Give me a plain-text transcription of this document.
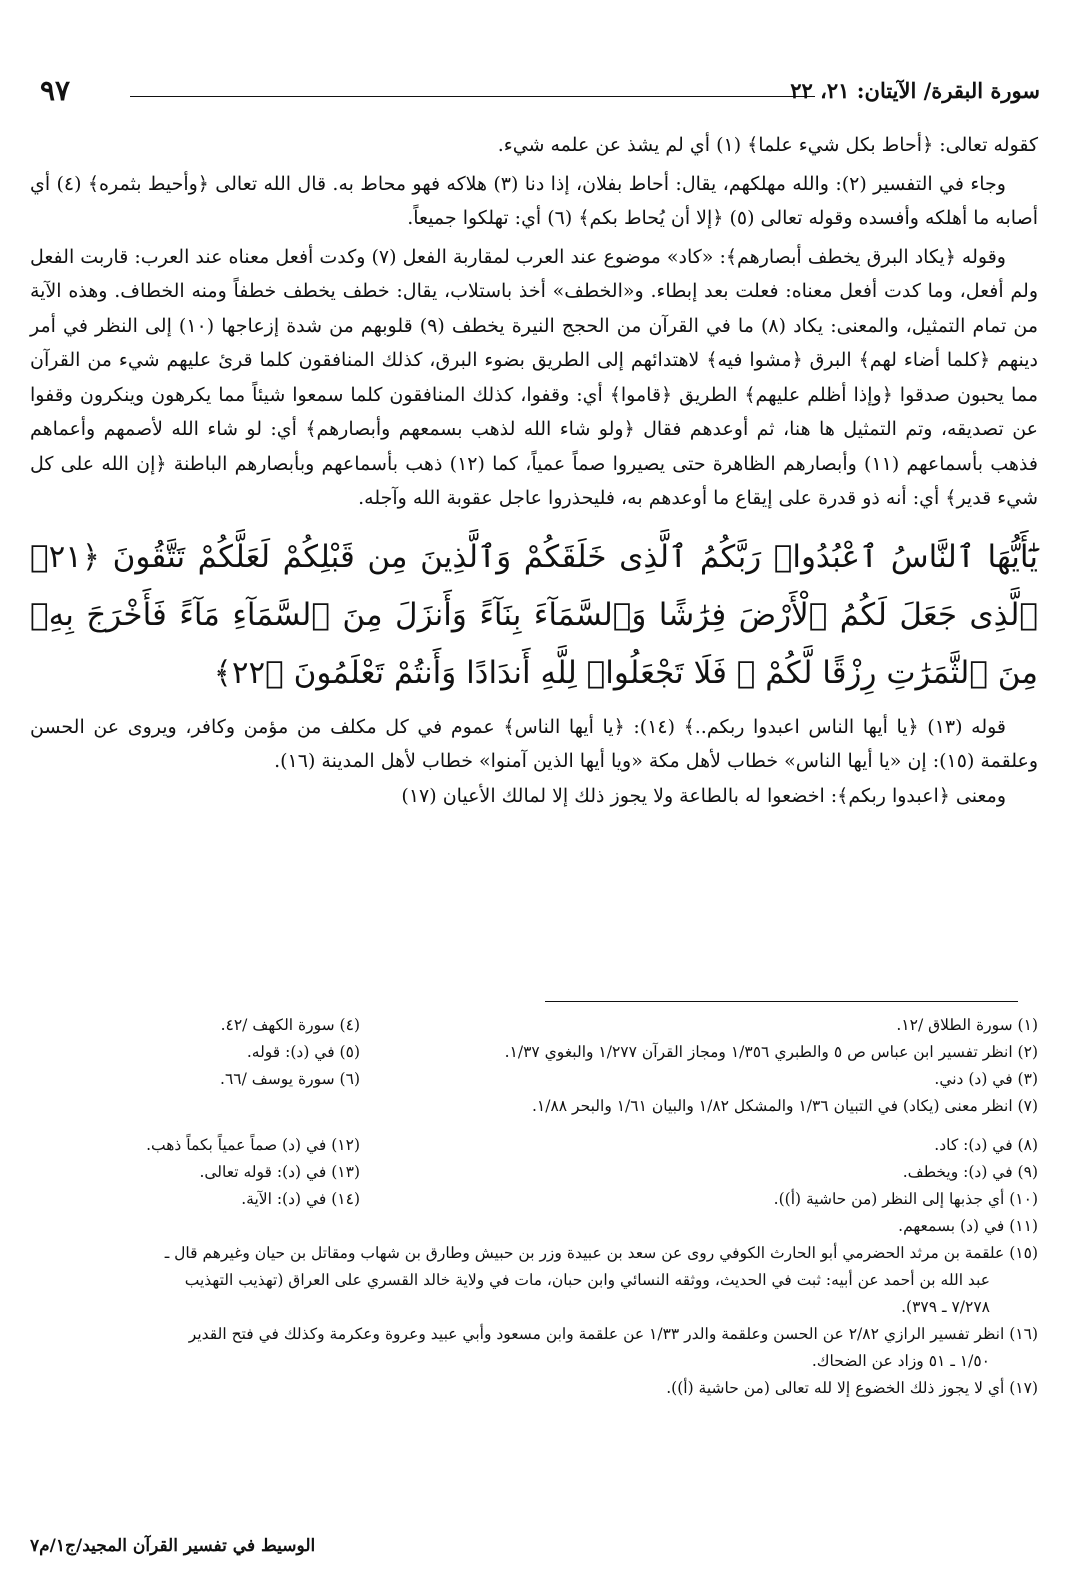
سورة البقرة/ الآيتان: ٢١، ٢٢
٩٧

كقوله تعالى: ﴿أحاط بكل شيء علما﴾ (١) أي لم يشذ عن علمه شيء.

وجاء في التفسير (٢): والله مهلكهم، يقال: أحاط بفلان، إذا دنا (٣) هلاكه فهو محاط به. قال الله تعالى ﴿وأحيط بثمره﴾ (٤) أي أصابه ما أهلكه وأفسده وقوله تعالى (٥) ﴿إلا أن يُحاط بكم﴾ (٦) أي: تهلكوا جميعاً.

وقوله ﴿يكاد البرق يخطف أبصارهم﴾: «كاد» موضوع عند العرب لمقاربة الفعل (٧) وكدت أفعل معناه عند العرب: قاربت الفعل ولم أفعل، وما كدت أفعل معناه: فعلت بعد إبطاء. و«الخطف» أخذ باستلاب، يقال: خطف يخطف خطفاً ومنه الخطاف. وهذه الآية من تمام التمثيل، والمعنى: يكاد (٨) ما في القرآن من الحجج النيرة يخطف (٩) قلوبهم من شدة إزعاجها (١٠) إلى النظر في أمر دينهم ﴿كلما أضاء لهم﴾ البرق ﴿مشوا فيه﴾ لاهتدائهم إلى الطريق بضوء البرق، كذلك المنافقون كلما قرئ عليهم شيء من القرآن مما يحبون صدقوا ﴿وإذا أظلم عليهم﴾ الطريق ﴿قاموا﴾ أي: وقفوا، كذلك المنافقون كلما سمعوا شيئاً مما يكرهون وينكرون وقفوا عن تصديقه، وتم التمثيل ها هنا، ثم أوعدهم فقال ﴿ولو شاء الله لذهب بسمعهم وأبصارهم﴾ أي: لو شاء الله لأصمهم وأعماهم فذهب بأسماعهم (١١) وأبصارهم الظاهرة حتى يصيروا صماً عمياً، كما (١٢) ذهب بأسماعهم وبأبصارهم الباطنة ﴿إن الله على كل شيء قدير﴾ أي: أنه ذو قدرة على إيقاع ما أوعدهم به، فليحذروا عاجل عقوبة الله وآجله.

يَٰٓأَيُّهَا ٱلنَّاسُ ٱعْبُدُوا۟ رَبَّكُمُ ٱلَّذِى خَلَقَكُمْ وَٱلَّذِينَ مِن قَبْلِكُمْ لَعَلَّكُمْ تَتَّقُونَ ﴿٢١﴾ ٱلَّذِى جَعَلَ لَكُمُ ٱلْأَرْضَ فِرَٰشًا وَٱلسَّمَآءَ بِنَآءً وَأَنزَلَ مِنَ ٱلسَّمَآءِ مَآءً فَأَخْرَجَ بِهِۦ مِنَ ٱلثَّمَرَٰتِ رِزْقًا لَّكُمْ ۖ فَلَا تَجْعَلُوا۟ لِلَّهِ أَندَادًا وَأَنتُمْ تَعْلَمُونَ ﴿٢٢﴾

قوله (١٣) ﴿يا أيها الناس اعبدوا ربكم..﴾ (١٤): ﴿يا أيها الناس﴾ عموم في كل مكلف من مؤمن وكافر، ويروى عن الحسن وعلقمة (١٥): إن «يا أيها الناس» خطاب لأهل مكة «ويا أيها الذين آمنوا» خطاب لأهل المدينة (١٦).

ومعنى ﴿اعبدوا ربكم﴾: اخضعوا له بالطاعة ولا يجوز ذلك إلا لمالك الأعيان (١٧)

(١) سورة الطلاق /١٢.

(٢) انظر تفسير ابن عباس ص ٥ والطبري ١/٣٥٦ ومجاز القرآن ١/٢٧٧ والبغوي ١/٣٧.

(٣) في (د) دني.

(٧) انظر معنى (يكاد) في التبيان ١/٣٦ والمشكل ١/٨٢ والبيان ١/٦١ والبحر ١/٨٨.

(٤) سورة الكهف /٤٢.

(٥) في (د): قوله.

(٦) سورة يوسف /٦٦.

(٨) في (د): كاد.

(٩) في (د): ويخطف.

(١٠) أي جذبها إلى النظر (من حاشية (أ)).

(١١) في (د) بسمعهم.

(١٢) في (د) صماً عمياً بكماً ذهب.

(١٣) في (د): قوله تعالى.

(١٤) في (د): الآية.

(١٥) علقمة بن مرثد الحضرمي أبو الحارث الكوفي روى عن سعد بن عبيدة وزر بن حبيش وطارق بن شهاب ومقاتل بن حيان وغيرهم قال ـ

عبد الله بن أحمد عن أبيه: ثبت في الحديث، ووثقه النسائي وابن حبان، مات في ولاية خالد القسري على العراق (تهذيب التهذيب

٧/٢٧٨ ـ ٣٧٩).

(١٦) انظر تفسير الرازي ٢/٨٢ عن الحسن وعلقمة والدر ١/٣٣ عن علقمة وابن مسعود وأبي عبيد وعروة وعكرمة وكذلك في فتح القدير

١/٥٠ ـ ٥١ وزاد عن الضحاك.

(١٧) أي لا يجوز ذلك الخضوع إلا لله تعالى (من حاشية (أ)).

الوسيط في تفسير القرآن المجيد/ج١/م٧
